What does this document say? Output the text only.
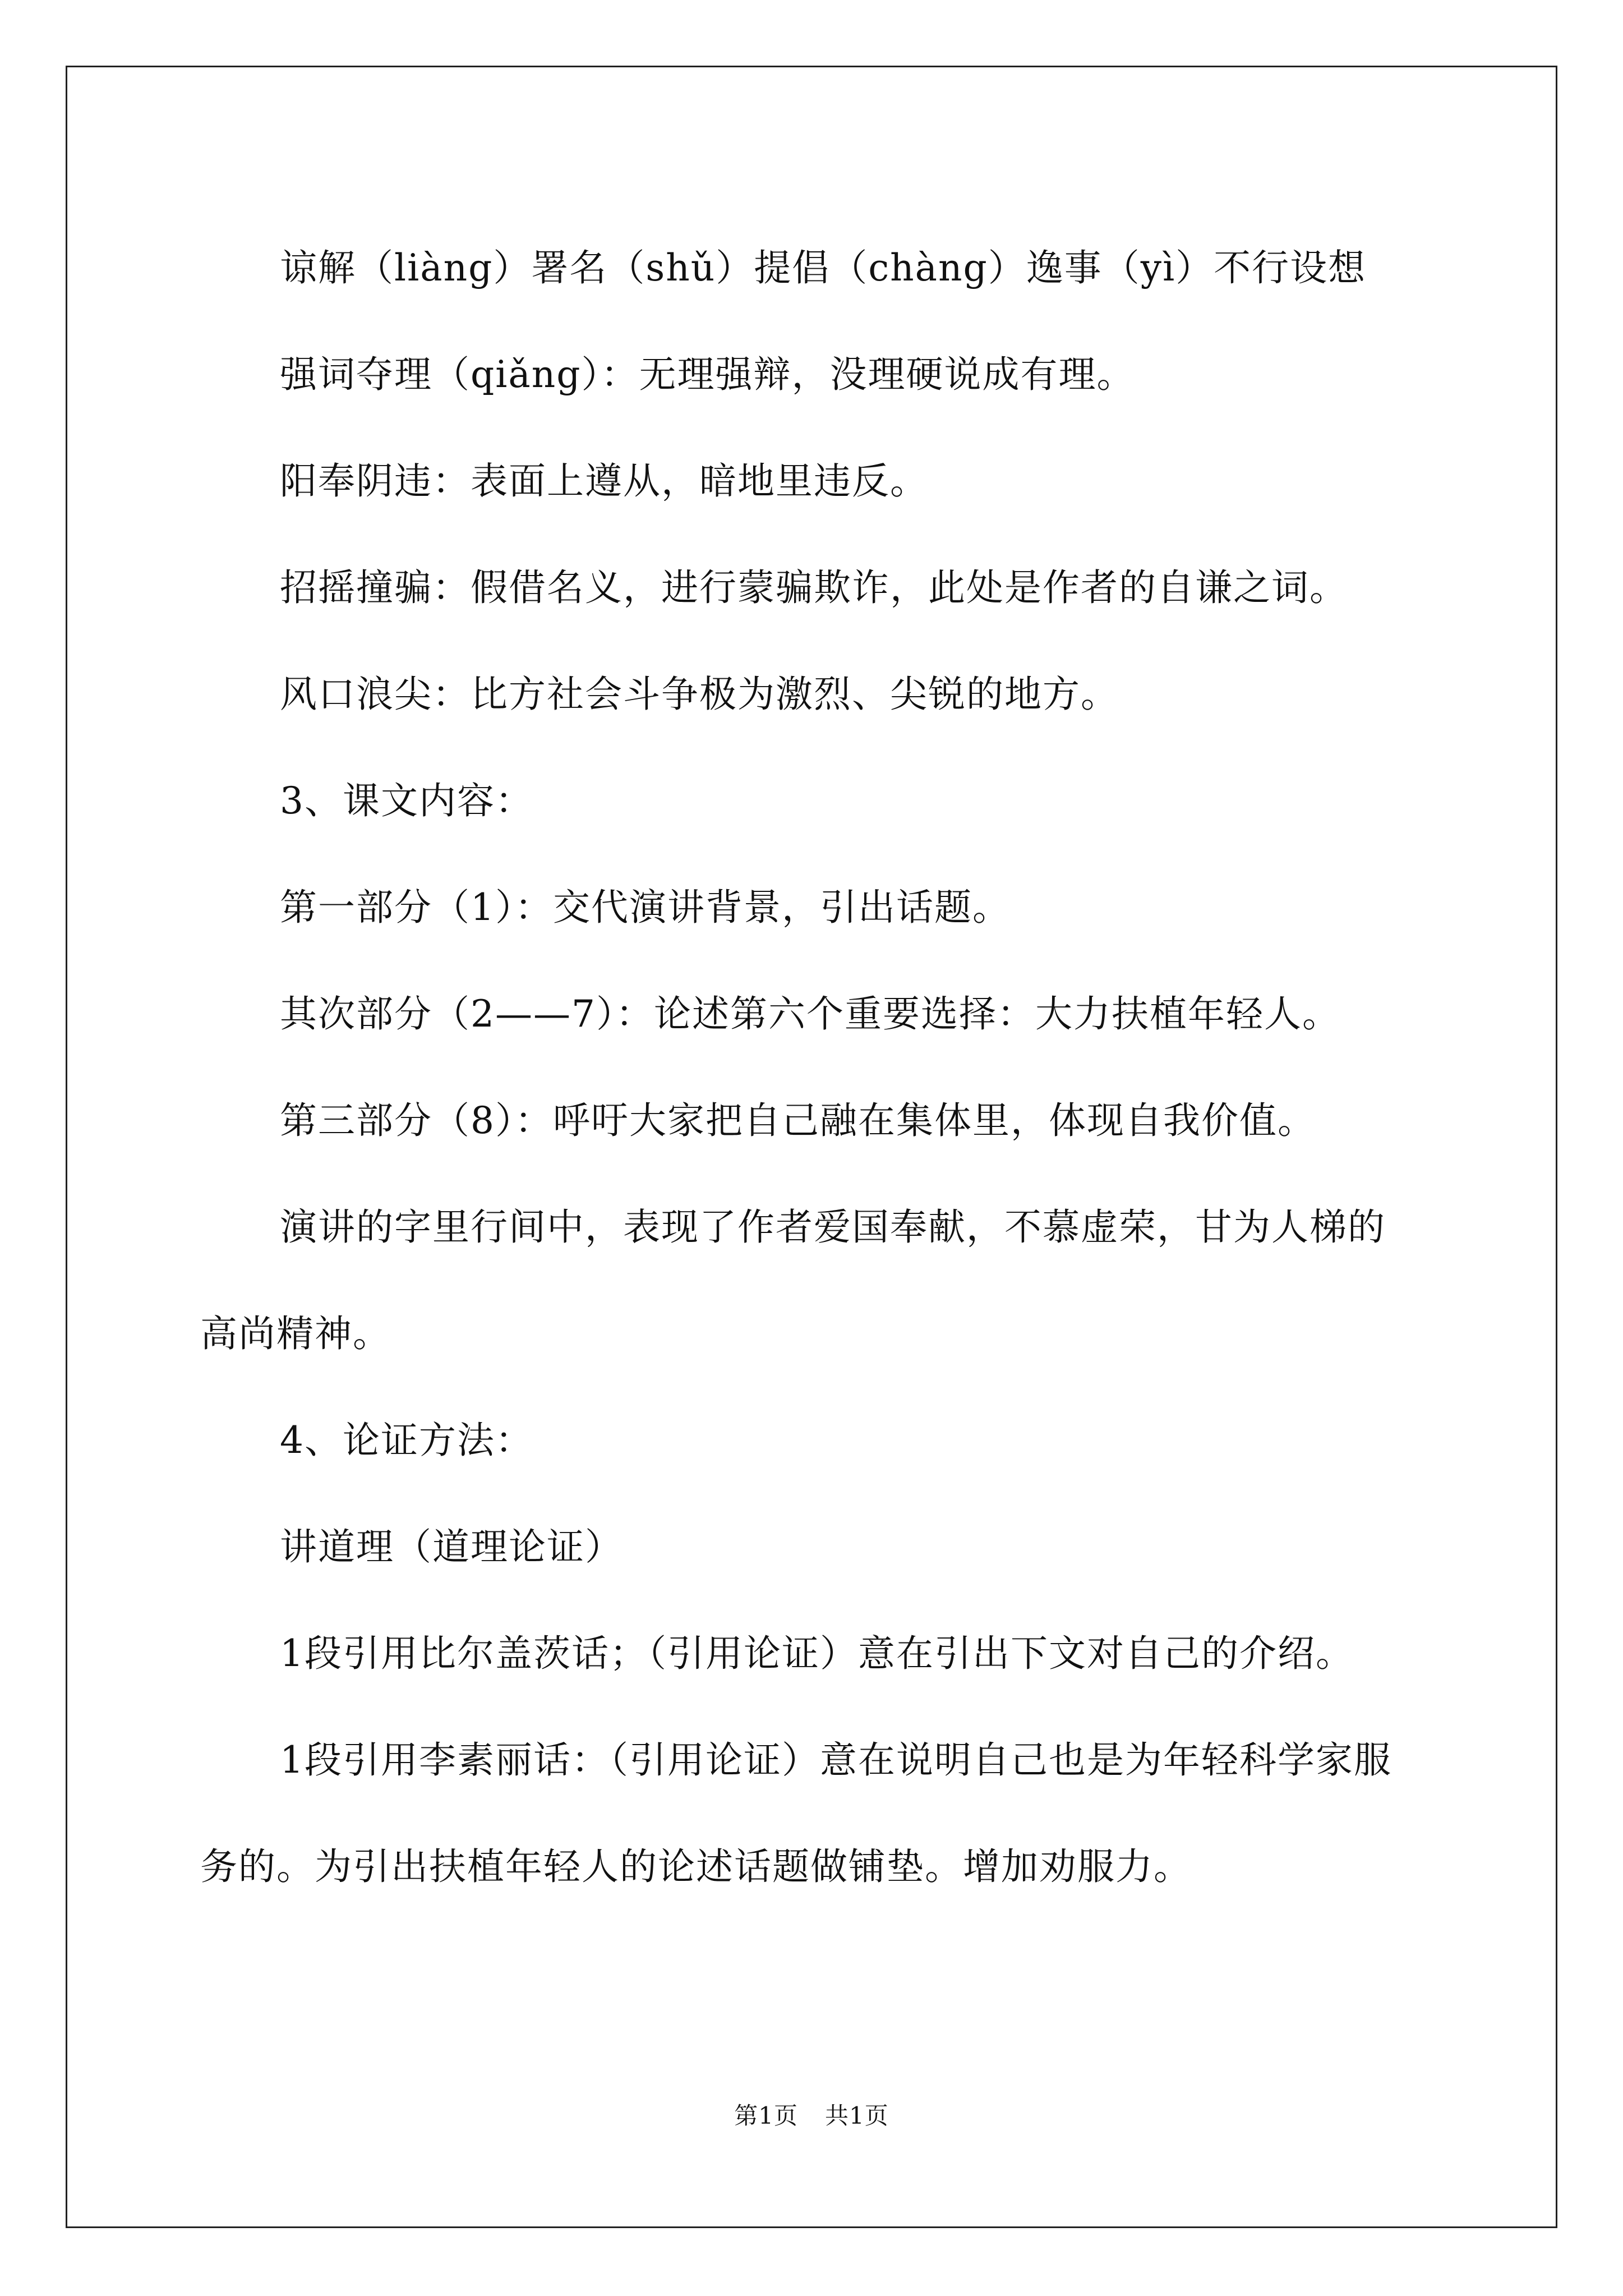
谅解（liàng）署名（shǔ）提倡（chàng）逸事（yì）不行设想

强词夺理（qiǎng）：无理强辩，没理硬说成有理。

阳奉阴违：表面上遵从，暗地里违反。

招摇撞骗：假借名义，进行蒙骗欺诈，此处是作者的自谦之词。

风口浪尖：比方社会斗争极为激烈、尖锐的地方。

3、课文内容：

第一部分（1）：交代演讲背景，引出话题。

其次部分（2——7）：论述第六个重要选择：大力扶植年轻人。

第三部分（8）：呼吁大家把自己融在集体里，体现自我价值。

演讲的字里行间中，表现了作者爱国奉献，不慕虚荣，甘为人梯的高尚精神。

4、论证方法：

讲道理（道理论证）

1段引用比尔盖茨话；（引用论证）意在引出下文对自己的介绍。

1段引用李素丽话：（引用论证）意在说明自己也是为年轻科学家服务的。为引出扶植年轻人的论述话题做铺垫。增加劝服力。

第1页 共1页
